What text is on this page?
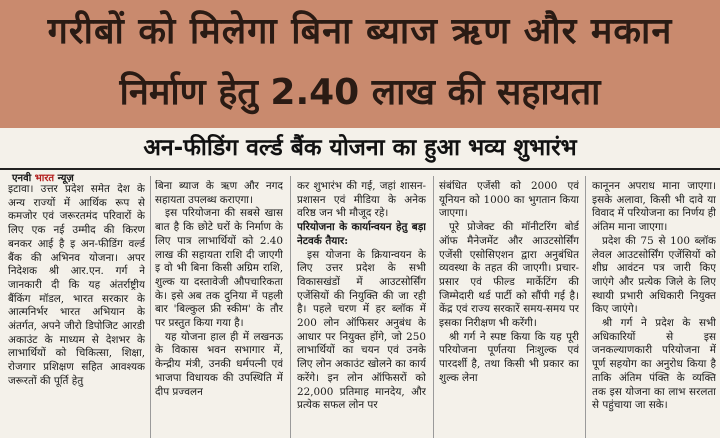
गरीबों को मिलेगा बिना ब्याज ऋण और मकान
निर्माण हेतु 2.40 लाख की सहायता
अन-फीडिंग वर्ल्ड बैंक योजना का हुआ भव्य शुभारंभ
एनवी भारत न्यूज़

इटावा। उत्तर प्रदेश समेत देश के अन्य राज्यों में आर्थिक रूप से कमजोर एवं जरूरतमंद परिवारों के लिए एक नई उम्मीद की किरण बनकर आई है इ अन-फीडिंग वर्ल्ड बैंक की अभिनव योजना। अपर निदेशक श्री आर.एन. गर्ग ने जानकारी दी कि यह अंतर्राष्ट्रीय बैंकिंग मॉडल, भारत सरकार के आत्मनिर्भर भारत अभियान के अंतर्गत, अपने जीरो डिपोजिट आरडी अकाउंट के माध्यम से देशभर के लाभार्थियों को चिकित्सा, शिक्षा, रोजगार प्रशिक्षण सहित आवश्यक जरूरतों की पूर्ति हेतु

बिना ब्याज के ऋण और नगद सहायता उपलब्ध कराएगा।

इस परियोजना की सबसे खास बात है कि छोटे घरों के निर्माण के लिए पात्र लाभार्थियों को 2.40 लाख की सहायता राशि दी जाएगी इ वो भी बिना किसी अग्रिम राशि, शुल्क या दस्तावेजी औपचारिकता के। इसे अब तक दुनिया में पहली बार 'बिल्कुल फ्री स्कीम' के तौर पर प्रस्तुत किया गया है।

यह योजना हाल ही में लखनऊ के विकास भवन सभागार में, केन्द्रीय मंत्री, उनकी धर्मपत्नी एवं भाजपा विधायक की उपस्थिति में दीप प्रज्वलन

कर शुभारंभ की गई, जहां शासन-प्रशासन एवं मीडिया के अनेक वरिष्ठ जन भी मौजूद रहे।

परियोजना के कार्यान्वयन हेतु बड़ा नेटवर्क तैयार:

इस योजना के क्रियान्वयन के लिए उत्तर प्रदेश के सभी विकासखंडों में आउटसोर्सिंग एजेंसियों की नियुक्ति की जा रही है। पहले चरण में हर ब्लॉक में 200 लोन ऑफिसर अनुबंध के आधार पर नियुक्त होंगे, जो 250 लाभार्थियों का चयन एवं उनके लिए लोन अकाउंट खोलने का कार्य करेंगे। इन लोन ऑफिसरों को 22,000 प्रतिमाह मानदेय, और प्रत्येक सफल लोन पर

संबंधित एजेंसी को 2000 एवं यूनियन को 1000 का भुगतान किया जाएगा।

पूरे प्रोजेक्ट की मॉनीटरिंग बोर्ड ऑफ मैनेजमेंट और आउटसोर्सिंग एजेंसी एसोसिएशन द्वारा अनुबंधित व्यवस्था के तहत की जाएगी। प्रचार-प्रसार एवं फील्ड मार्केटिंग की जिम्मेदारी थर्ड पार्टी को सौंपी गई है। केंद्र एवं राज्य सरकारें समय-समय पर इसका निरीक्षण भी करेंगी।

श्री गर्ग ने स्पष्ट किया कि यह पूरी परियोजना पूर्णतया निःशुल्क एवं पारदर्शी है, तथा किसी भी प्रकार का शुल्क लेना

कानूनन अपराध माना जाएगा। इसके अलावा, किसी भी दावे या विवाद में परियोजना का निर्णय ही अंतिम माना जाएगा।

प्रदेश की 75 से 100 ब्लॉक लेवल आउटसोर्सिंग एजेंसियों को शीघ्र आवंटन पत्र जारी किए जाएंगे और प्रत्येक जिले के लिए स्थायी प्रभारी अधिकारी नियुक्त किए जाएंगे।

श्री गर्ग ने प्रदेश के सभी अधिकारियों से इस जनकल्याणकारी परियोजना में पूर्ण सहयोग का अनुरोध किया है ताकि अंतिम पंक्ति के व्यक्ति तक इस योजना का लाभ सरलता से पहुंचाया जा सके।
